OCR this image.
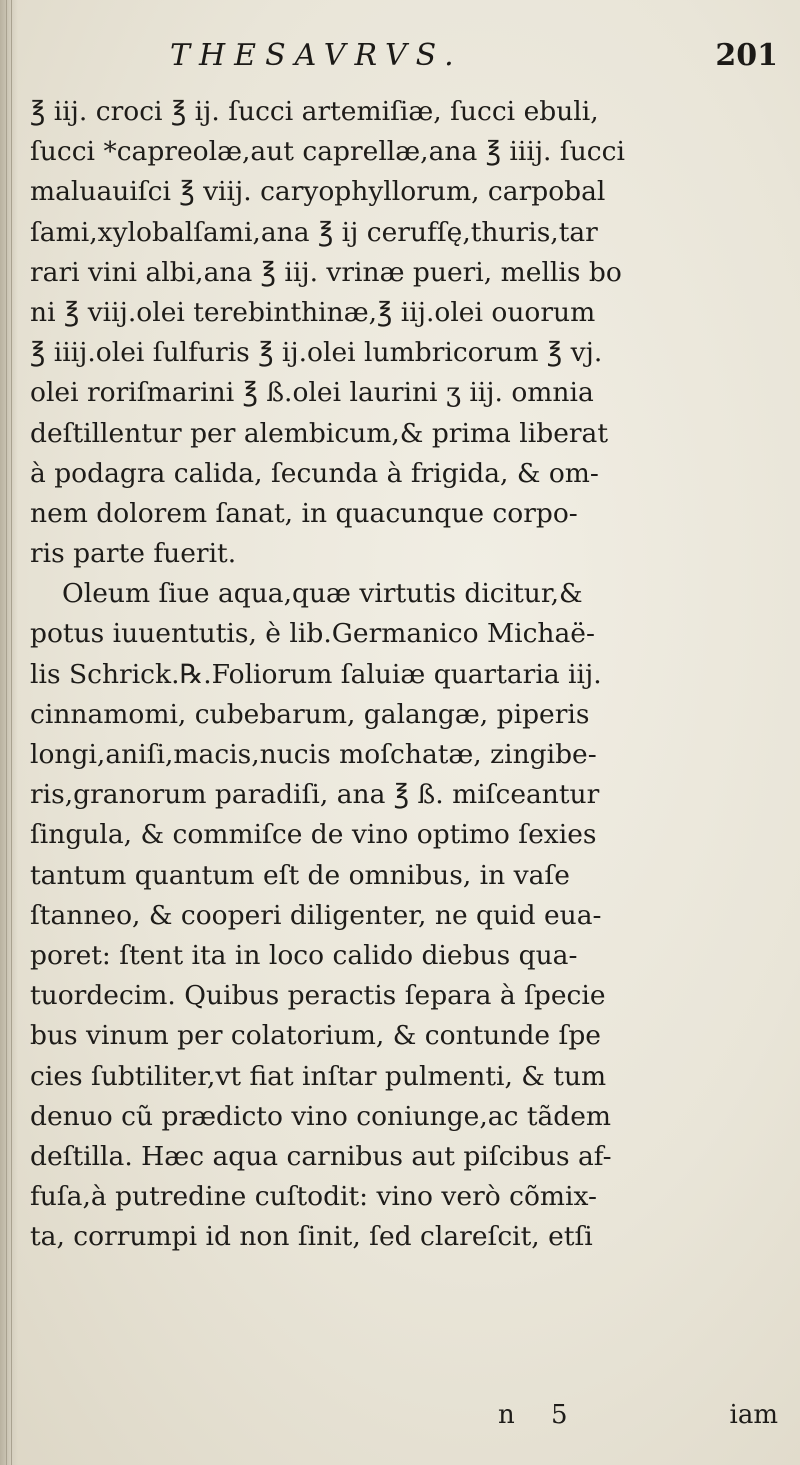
THESAVRVS.	201
℥ iij. croci ℥ ij. ſucci artemiſiæ, ſucci ebuli,
ſucci *capreolæ,aut caprellæ,ana ℥ iiij. ſucci
maluauiſci ℥ viij. caryophyllorum, carpobal
ſami,xylobalſami,ana ℥ ij cerufſę,thuris,tar
rari vini albi,ana ℥ iij. vrinæ pueri, mellis bo
ni ℥ viij.olei terebinthinæ,℥ iij.olei ouorum
℥ iiij.olei ſulfuris ℥ ij.olei lumbricorum ℥ vj.
olei roriſmarini ℥ ß.olei laurini ʒ iij. omnia
deſtillentur per alembicum,& prima liberat
à podagra calida, ſecunda à frigida, & om-
nem dolorem ſanat, in quacunque corpo-
ris parte fuerit.
Oleum ſiue aqua,quæ virtutis dicitur,&
potus iuuentutis, è lib.Germanico Michaë-
lis Schrick.℞.Foliorum ſaluiæ quartaria iij.
cinnamomi, cubebarum, galangæ, piperis
longi,aniſi,macis,nucis moſchatæ, zingibe-
ris,granorum paradiſi, ana ℥ ß. miſceantur
ſingula, & commiſce de vino optimo ſexies
tantum quantum eſt de omnibus, in vaſe
ſtanneo, & cooperi diligenter, ne quid eua-
poret: ſtent ita in loco calido diebus qua-
tuordecim. Quibus peractis ſepara à ſpecie
bus vinum per colatorium, & contunde ſpe
cies ſubtiliter,vt fiat inſtar pulmenti, & tum
denuo cũ prædicto vino coniunge,ac tãdem
deſtilla. Hæc aqua carnibus aut piſcibus af-
fuſa,à putredine cuſtodit: vino verò cõmix-
ta, corrumpi id non ſinit, ſed clareſcit, etſi
n 5	iam
